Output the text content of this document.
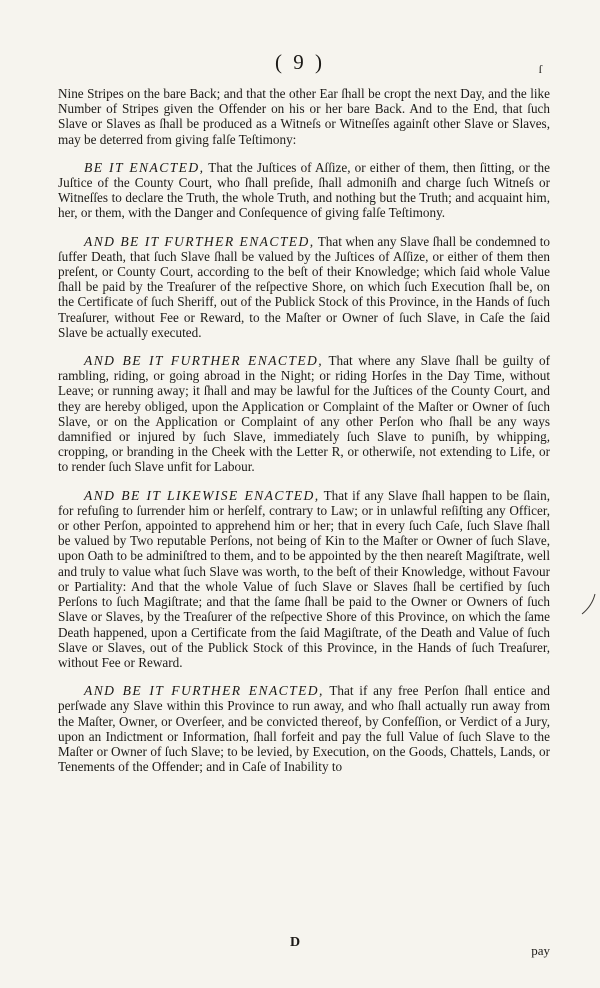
( 9 )	ſ

Nine Stripes on the bare Back; and that the other Ear ſhall be cropt the next Day, and the like Number of Stripes given the Offender on his or her bare Back. And to the End, that ſuch Slave or Slaves as ſhall be produced as a Witneſs or Witneſſes againſt other Slave or Slaves, may be deterred from giving falſe Teſtimony:

BE IT ENACTED, That the Juſtices of Aſſize, or either of them, then ſitting, or the Juſtice of the County Court, who ſhall preſide, ſhall admoniſh and charge ſuch Witneſs or Witneſſes to declare the Truth, the whole Truth, and nothing but the Truth; and acquaint him, her, or them, with the Danger and Conſequence of giving falſe Teſtimony.

AND BE IT FURTHER ENACTED, That when any Slave ſhall be condemned to ſuffer Death, that ſuch Slave ſhall be valued by the Juſtices of Aſſize, or either of them then preſent, or County Court, according to the beſt of their Knowledge; which ſaid whole Value ſhall be paid by the Treaſurer of the reſpective Shore, on which ſuch Execution ſhall be, on the Certificate of ſuch Sheriff, out of the Publick Stock of this Province, in the Hands of ſuch Treaſurer, without Fee or Reward, to the Maſter or Owner of ſuch Slave, in Caſe the ſaid Slave be actually executed.

AND BE IT FURTHER ENACTED, That where any Slave ſhall be guilty of rambling, riding, or going abroad in the Night; or riding Horſes in the Day Time, without Leave; or running away; it ſhall and may be lawful for the Juſtices of the County Court, and they are hereby obliged, upon the Application or Complaint of the Maſter or Owner of ſuch Slave, or on the Application or Complaint of any other Perſon who ſhall be any ways damnified or injured by ſuch Slave, immediately ſuch Slave to puniſh, by whipping, cropping, or branding in the Cheek with the Letter R, or otherwiſe, not extending to Life, or to render ſuch Slave unfit for Labour.

AND BE IT LIKEWISE ENACTED, That if any Slave ſhall happen to be ſlain, for refuſing to ſurrender him or herſelf, contrary to Law; or in unlawful reſiſting any Officer, or other Perſon, appointed to apprehend him or her; that in every ſuch Caſe, ſuch Slave ſhall be valued by Two reputable Perſons, not being of Kin to the Maſter or Owner of ſuch Slave, upon Oath to be adminiſtred to them, and to be appointed by the then neareſt Magiſtrate, well and truly to value what ſuch Slave was worth, to the beſt of their Knowledge, without Favour or Partiality: And that the whole Value of ſuch Slave or Slaves ſhall be certified by ſuch Perſons to ſuch Magiſtrate; and that the ſame ſhall be paid to the Owner or Owners of ſuch Slave or Slaves, by the Treaſurer of the reſpective Shore of this Province, on which the ſame Death happened, upon a Certificate from the ſaid Magiſtrate, of the Death and Value of ſuch Slave or Slaves, out of the Publick Stock of this Province, in the Hands of ſuch Treaſurer, without Fee or Reward.

AND BE IT FURTHER ENACTED, That if any free Perſon ſhall entice and perſwade any Slave within this Province to run away, and who ſhall actually run away from the Maſter, Owner, or Overſeer, and be convicted thereof, by Confeſſion, or Verdict of a Jury, upon an Indictment or Information, ſhall forfeit and pay the full Value of ſuch Slave to the Maſter or Owner of ſuch Slave; to be levied, by Execution, on the Goods, Chattels, Lands, or Tenements of the Offender; and in Caſe of Inability to

D
pay
